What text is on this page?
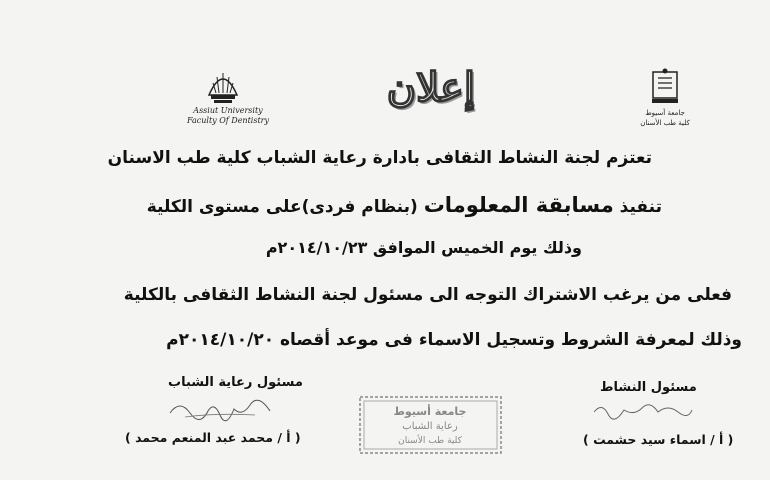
Assiut University
Faculty Of Dentistry
إعلان
جامعة أسيوط
كلية طب الأسنان
تعتزم لجنة النشاط الثقافى بادارة رعاية الشباب كلية طب الاسنان
تنفيذ مسابقة المعلومات (بنظام فردى)على مستوى الكلية
وذلك يوم الخميس الموافق ٢٠١٤/١٠/٢٣م
فعلى من يرغب الاشتراك التوجه الى مسئول لجنة النشاط الثقافى بالكلية
وذلك لمعرفة الشروط وتسجيل الاسماء فى موعد أقصاه ٢٠١٤/١٠/٢٠م
مسئول رعاية الشباب
( أ / محمد عبد المنعم محمد )
جامعة أسيوط
رعاية الشباب
كلية طب الأسنان
مسئول النشاط
( أ / اسماء سيد حشمت )
